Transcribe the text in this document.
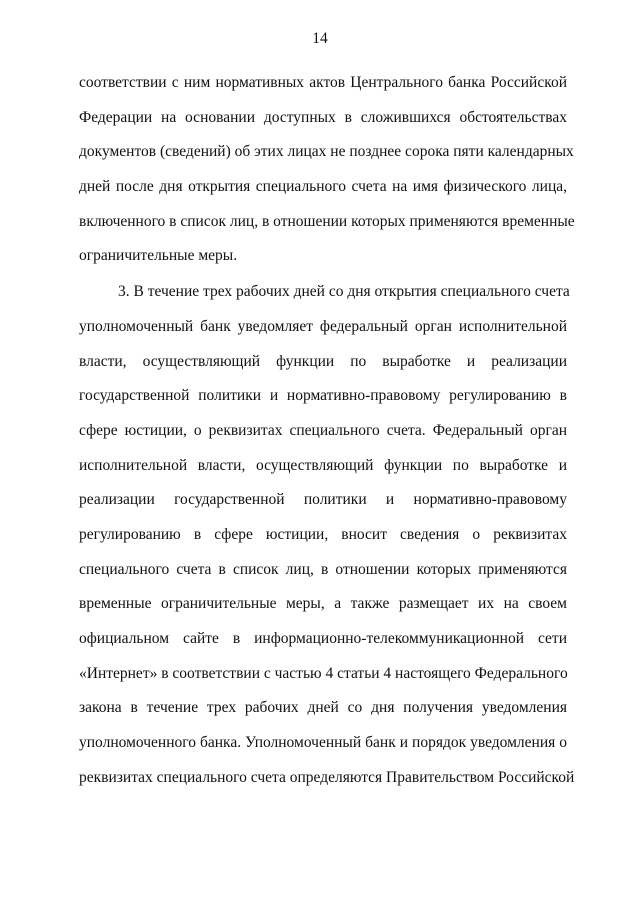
14
соответствии с ним нормативных актов Центрального банка Российской
Федерации на основании доступных в сложившихся обстоятельствах
документов (сведений) об этих лицах не позднее сорока пяти календарных
дней после дня открытия специального счета на имя физического лица,
включенного в список лиц, в отношении которых применяются временные
ограничительные меры.
3. В течение трех рабочих дней со дня открытия специального счета
уполномоченный банк уведомляет федеральный орган исполнительной
власти, осуществляющий функции по выработке и реализации
государственной политики и нормативно-правовому регулированию в
сфере юстиции, о реквизитах специального счета. Федеральный орган
исполнительной власти, осуществляющий функции по выработке и
реализации государственной политики и нормативно-правовому
регулированию в сфере юстиции, вносит сведения о реквизитах
специального счета в список лиц, в отношении которых применяются
временные ограничительные меры, а также размещает их на своем
официальном сайте в информационно-телекоммуникационной сети
«Интернет» в соответствии с частью 4 статьи 4 настоящего Федерального
закона в течение трех рабочих дней со дня получения уведомления
уполномоченного банка. Уполномоченный банк и порядок уведомления о
реквизитах специального счета определяются Правительством Российской
